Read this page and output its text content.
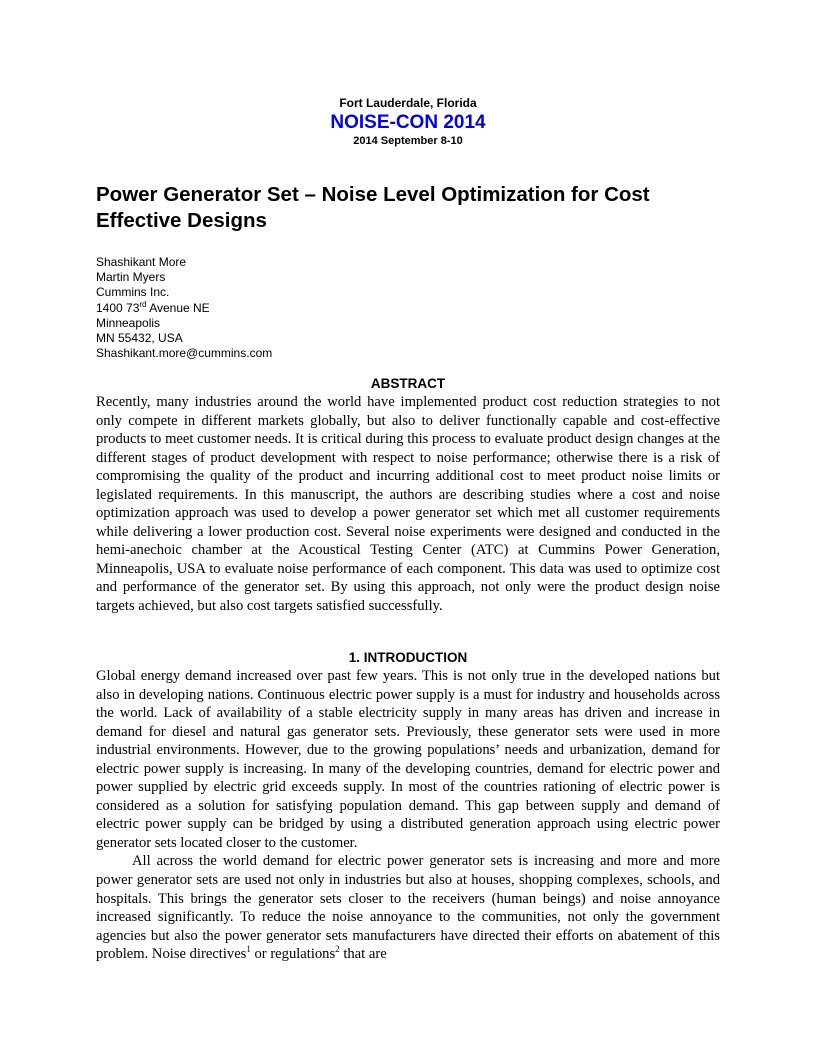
Fort Lauderdale, Florida
NOISE-CON 2014
2014 September 8-10
Power Generator Set – Noise Level Optimization for Cost Effective Designs
Shashikant More
Martin Myers
Cummins Inc.
1400 73rd Avenue NE
Minneapolis
MN 55432, USA
Shashikant.more@cummins.com
ABSTRACT

Recently, many industries around the world have implemented product cost reduction strategies to not only compete in different markets globally, but also to deliver functionally capable and cost-effective products to meet customer needs. It is critical during this process to evaluate product design changes at the different stages of product development with respect to noise performance; otherwise there is a risk of compromising the quality of the product and incurring additional cost to meet product noise limits or legislated requirements. In this manuscript, the authors are describing studies where a cost and noise optimization approach was used to develop a power generator set which met all customer requirements while delivering a lower production cost. Several noise experiments were designed and conducted in the hemi-anechoic chamber at the Acoustical Testing Center (ATC) at Cummins Power Generation, Minneapolis, USA to evaluate noise performance of each component. This data was used to optimize cost and performance of the generator set. By using this approach, not only were the product design noise targets achieved, but also cost targets satisfied successfully.

1. INTRODUCTION

Global energy demand increased over past few years. This is not only true in the developed nations but also in developing nations. Continuous electric power supply is a must for industry and households across the world. Lack of availability of a stable electricity supply in many areas has driven and increase in demand for diesel and natural gas generator sets. Previously, these generator sets were used in more industrial environments. However, due to the growing populations’ needs and urbanization, demand for electric power supply is increasing. In many of the developing countries, demand for electric power and power supplied by electric grid exceeds supply. In most of the countries rationing of electric power is considered as a solution for satisfying population demand. This gap between supply and demand of electric power supply can be bridged by using a distributed generation approach using electric power generator sets located closer to the customer.

All across the world demand for electric power generator sets is increasing and more and more power generator sets are used not only in industries but also at houses, shopping complexes, schools, and hospitals. This brings the generator sets closer to the receivers (human beings) and noise annoyance increased significantly. To reduce the noise annoyance to the communities, not only the government agencies but also the power generator sets manufacturers have directed their efforts on abatement of this problem. Noise directives$^1$ or regulations$^2$ that are
